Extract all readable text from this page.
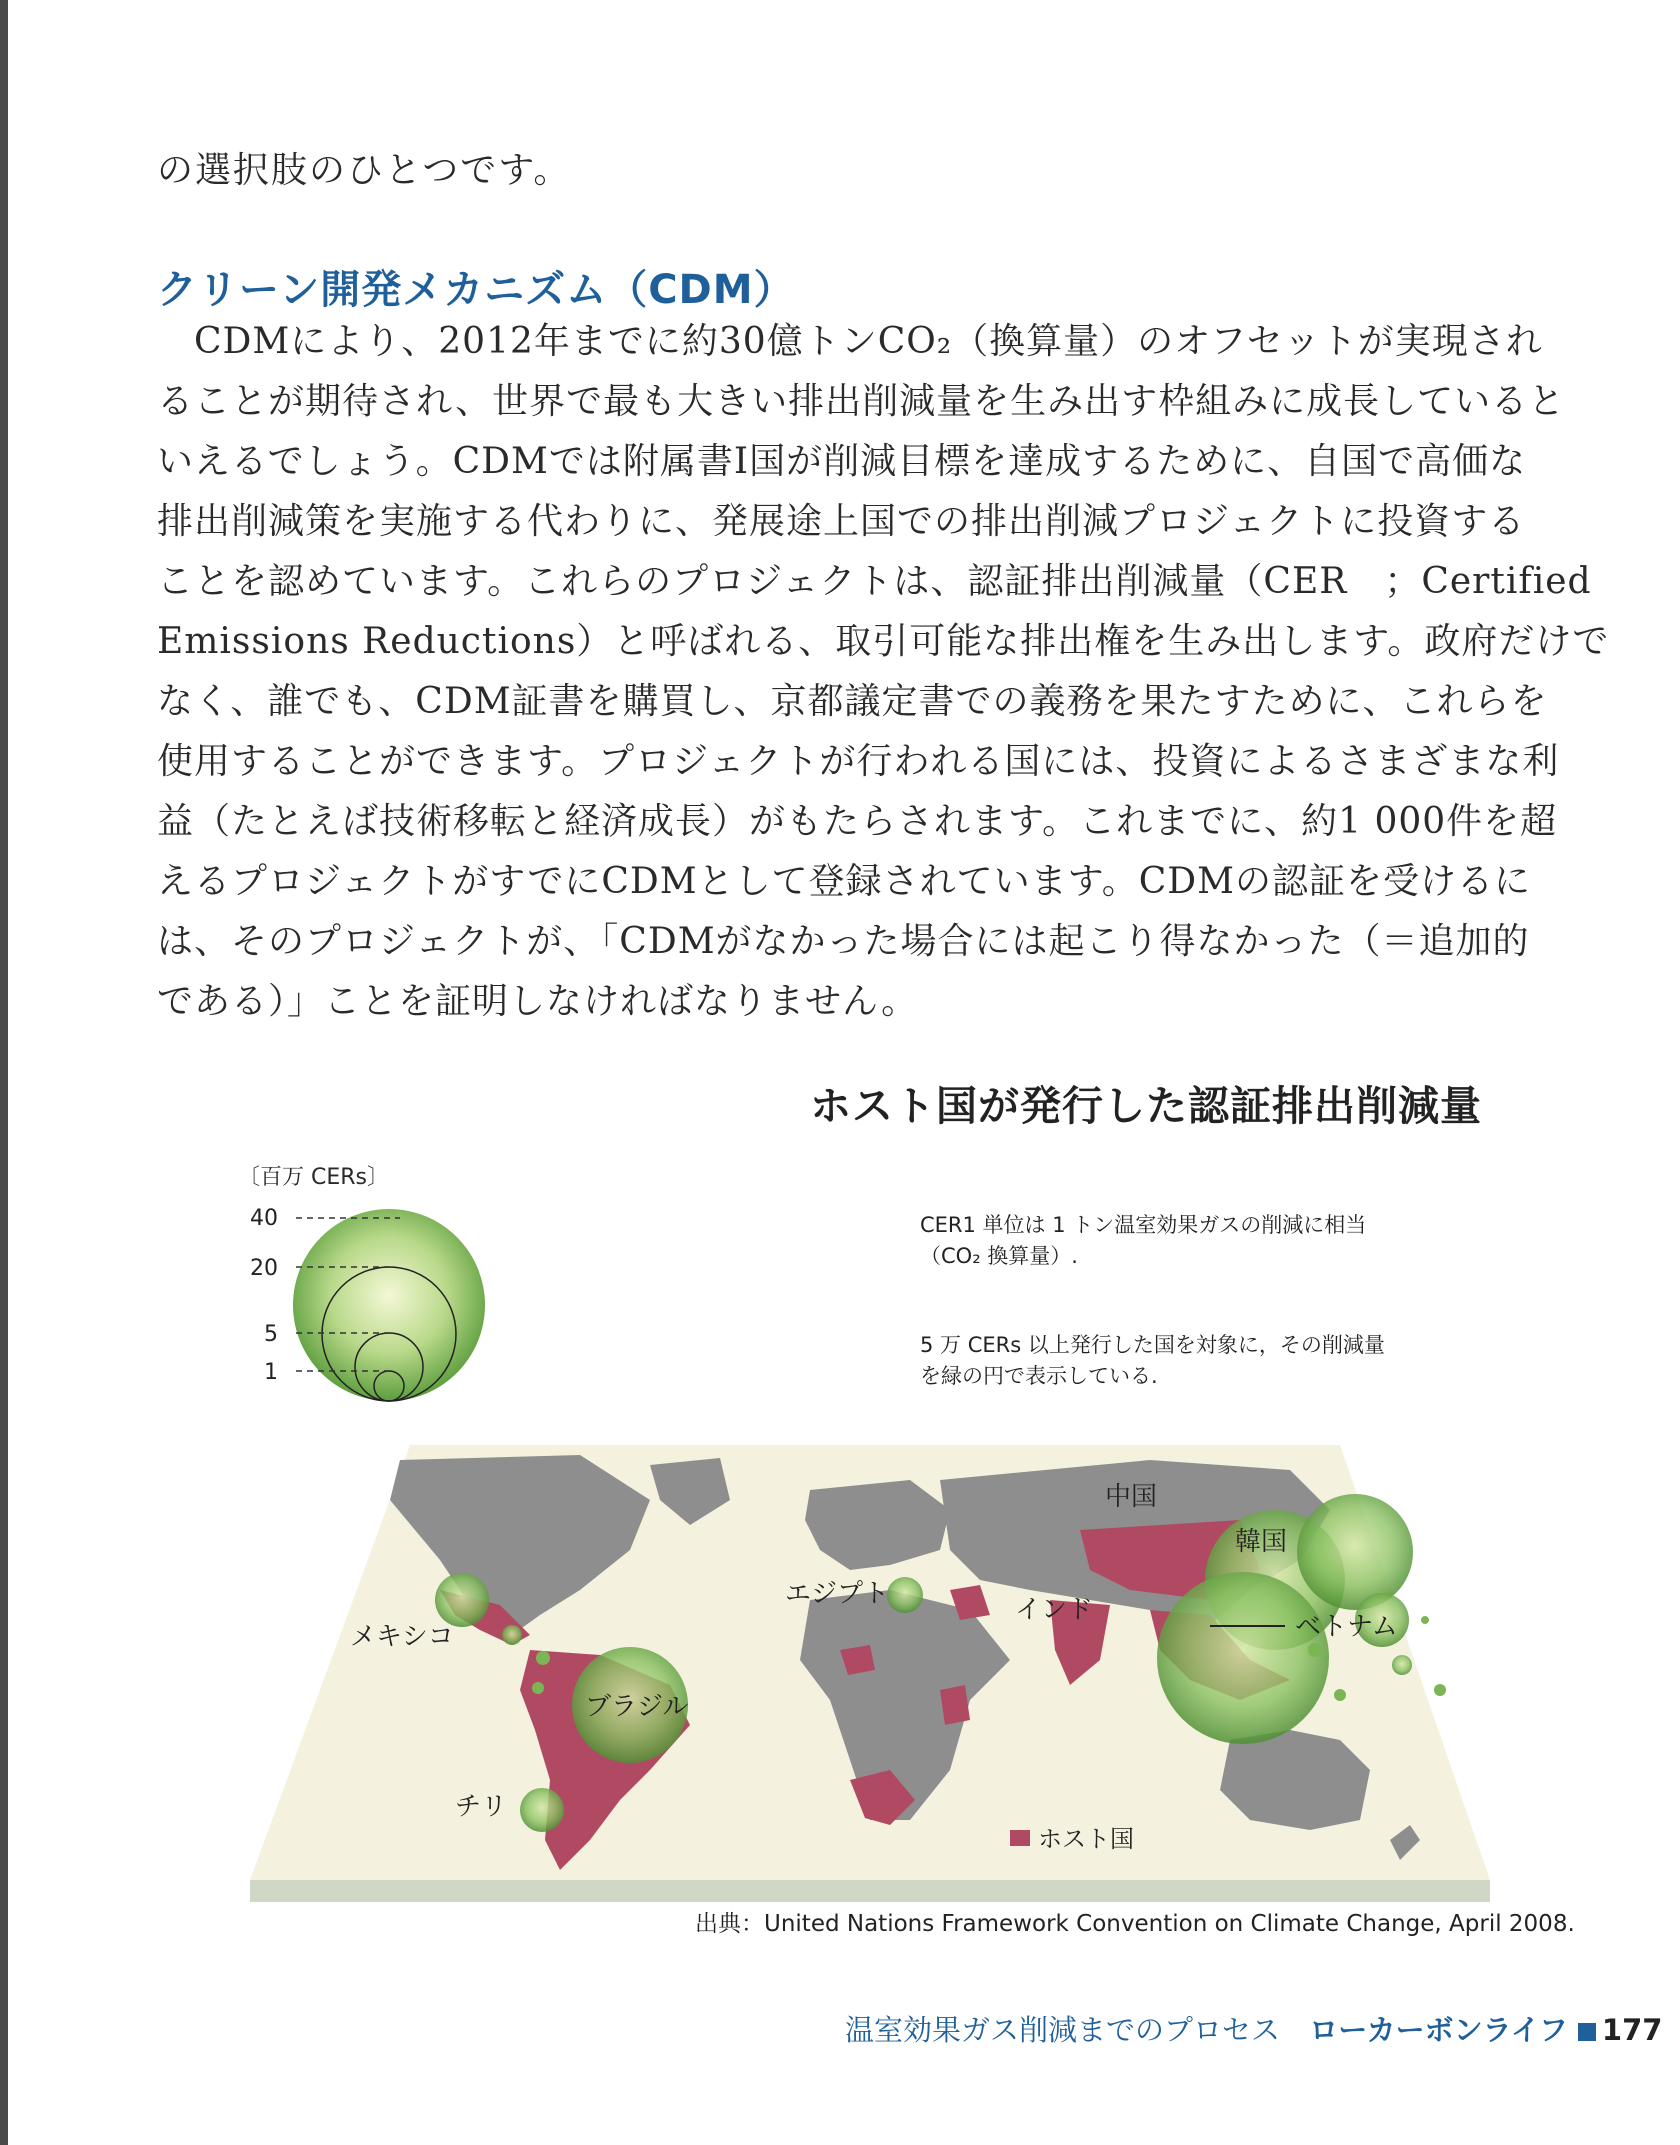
の選択肢のひとつです。
クリーン開発メカニズム（CDM）
　CDMにより、2012年までに約30億トンCO₂（換算量）のオフセットが実現され
ることが期待され、世界で最も大きい排出削減量を生み出す枠組みに成長していると
いえるでしょう。CDMでは附属書Ⅰ国が削減目標を達成するために、自国で高価な
排出削減策を実施する代わりに、発展途上国での排出削減プロジェクトに投資する
ことを認めています。これらのプロジェクトは、認証排出削減量（CER　；Certified
Emissions Reductions）と呼ばれる、取引可能な排出権を生み出します。政府だけで
なく、誰でも、CDM証書を購買し、京都議定書での義務を果たすために、これらを
使用することができます。プロジェクトが行われる国には、投資によるさまざまな利
益（たとえば技術移転と経済成長）がもたらされます。これまでに、約1 000件を超
えるプロジェクトがすでにCDMとして登録されています。CDMの認証を受けるに
は、そのプロジェクトが、「CDMがなかった場合には起こり得なかった（＝追加的
である）」ことを証明しなければなりません。
ホスト国が発行した認証排出削減量
〔百万 CERs〕
40
20
5
1
CER1 単位は 1 トン温室効果ガスの削減に相当
（CO₂ 換算量）.
5 万 CERs 以上発行した国を対象に，その削減量
を緑の円で表示している.
中国
韓国
インド
ベトナム
エジプト
メキシコ
ブラジル
チリ
ホスト国
出典：United Nations Framework Convention on Climate Change, April 2008.
温室効果ガス削減までのプロセス ローカーボンライフ 177
